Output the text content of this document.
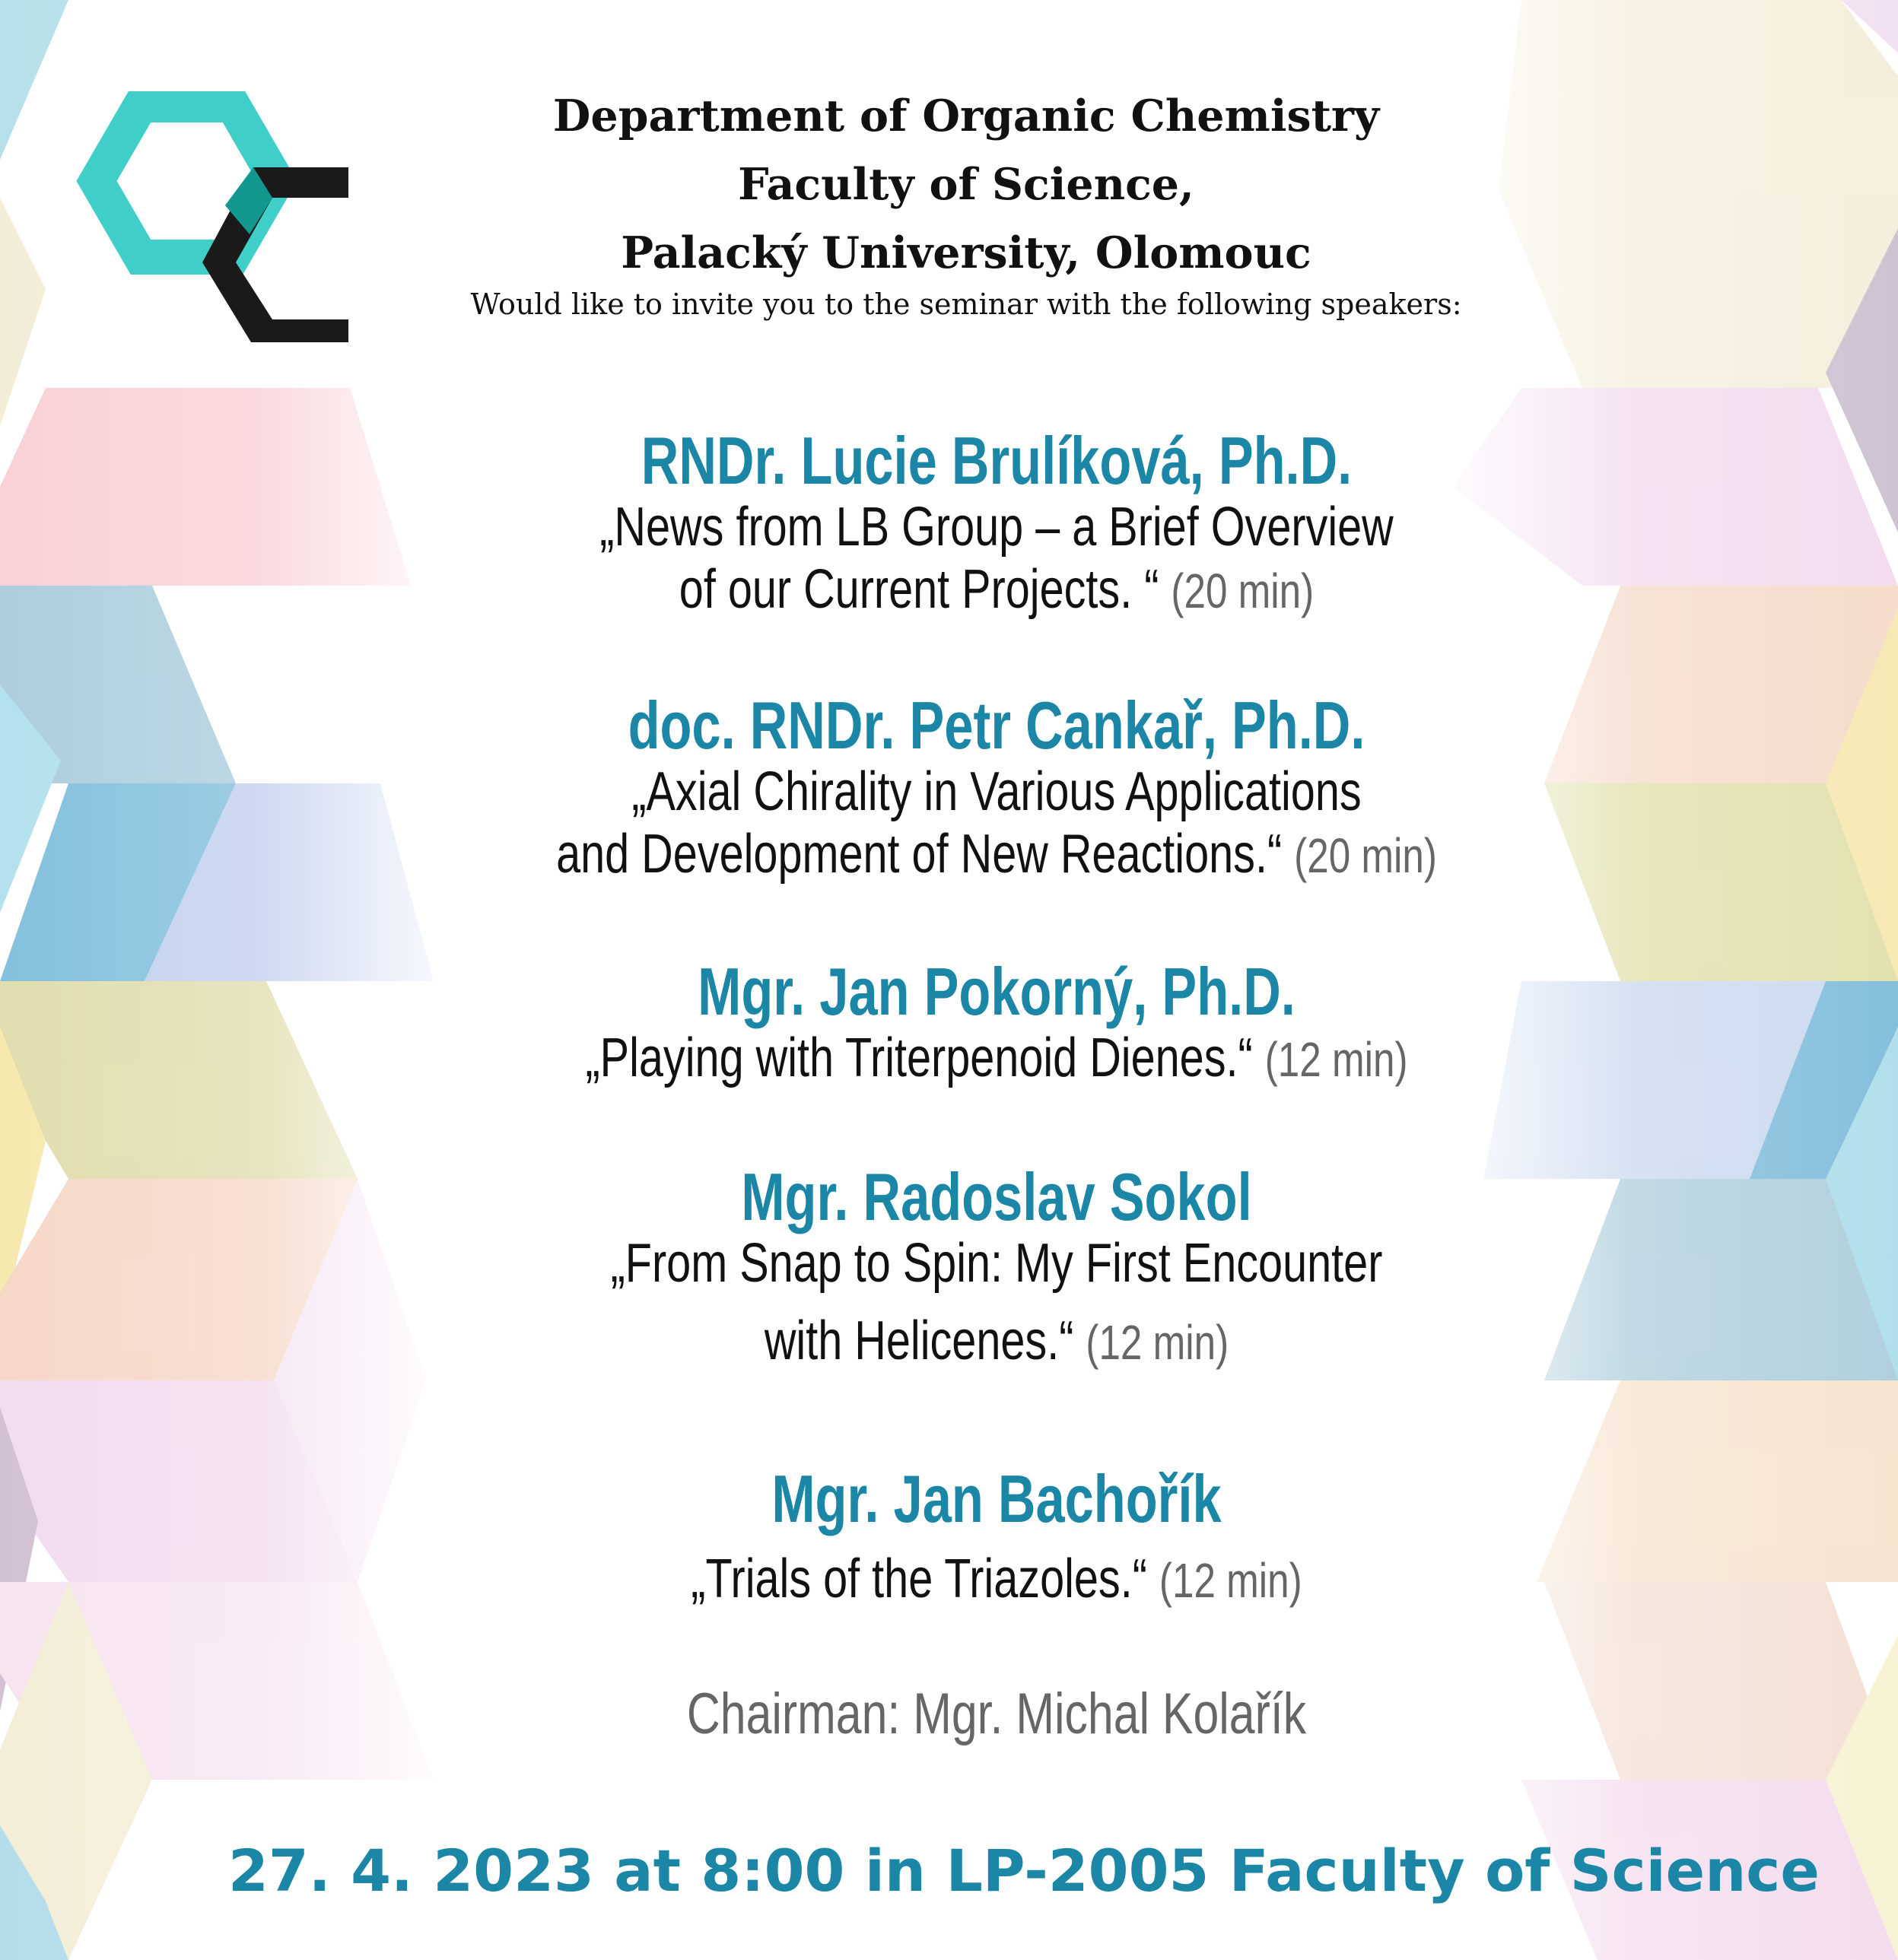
Department of Organic Chemistry
Faculty of Science,
Palacký University, Olomouc
Would like to invite you to the seminar with the following speakers:
RNDr. Lucie Brulíková, Ph.D.
„News from LB Group – a Brief Overview
of our Current Projects. “ (20 min)
doc. RNDr. Petr Cankař, Ph.D.
„Axial Chirality in Various Applications
and Development of New Reactions.“ (20 min)
Mgr. Jan Pokorný, Ph.D.
„Playing with Triterpenoid Dienes.“ (12 min)
Mgr. Radoslav Sokol
„From Snap to Spin: My First Encounter
with Helicenes.“ (12 min)
Mgr. Jan Bachořík
„Trials of the Triazoles.“ (12 min)
Chairman: Mgr. Michal Kolařík
27. 4. 2023 at 8:00 in LP-2005 Faculty of Science
